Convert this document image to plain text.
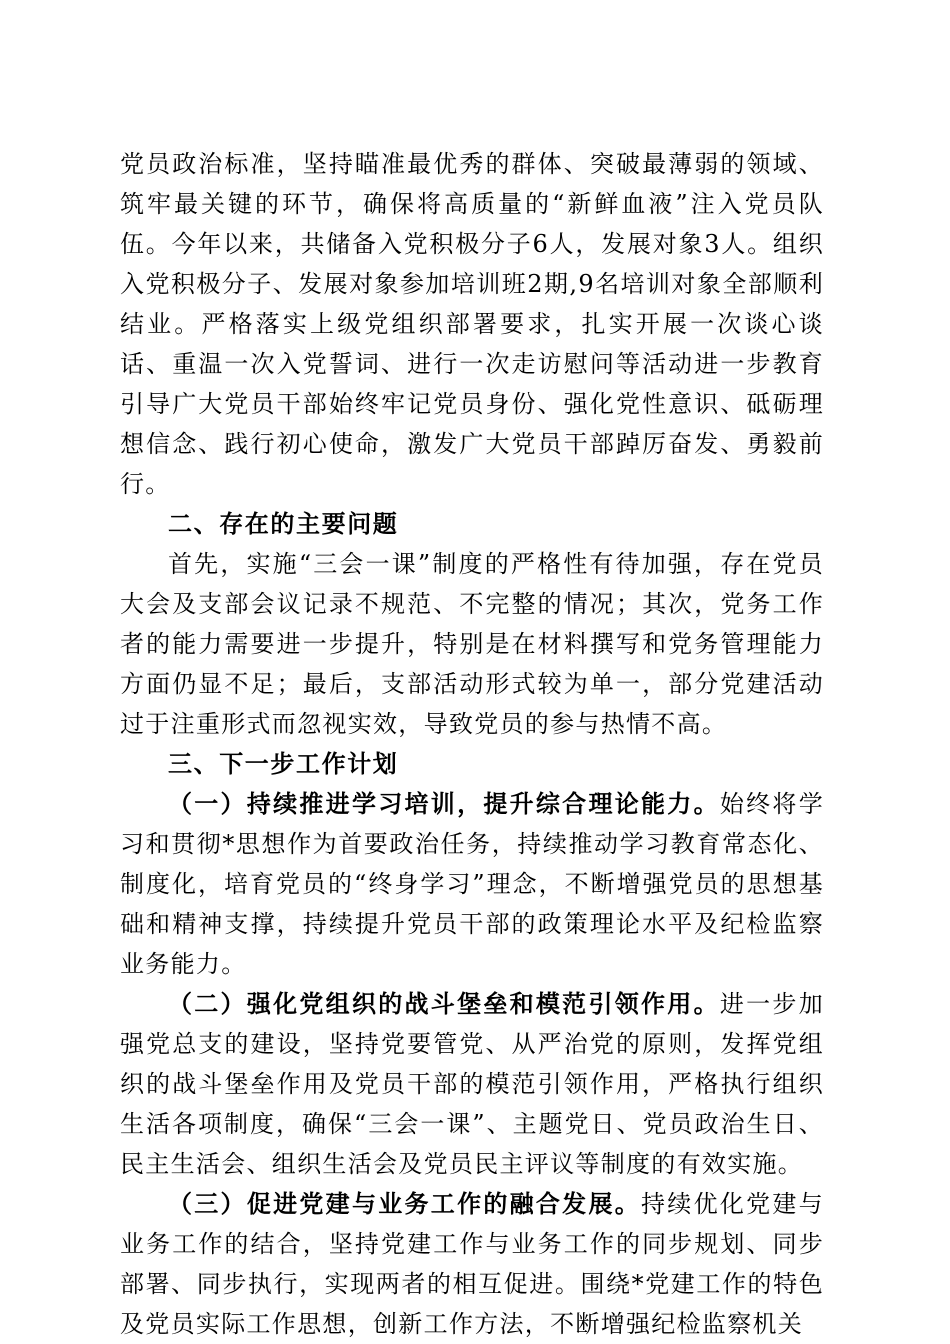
党员政治标准，坚持瞄准最优秀的群体、突破最薄弱的领域、筑牢最关键的环节，确保将高质量的“新鲜血液”注入党员队伍。今年以来，共储备入党积极分子6人，发展对象3人。组织入党积极分子、发展对象参加培训班2期,9名培训对象全部顺利结业。严格落实上级党组织部署要求，扎实开展一次谈心谈话、重温一次入党誓词、进行一次走访慰问等活动进一步教育引导广大党员干部始终牢记党员身份、强化党性意识、砥砺理想信念、践行初心使命，激发广大党员干部踔厉奋发、勇毅前行。

二、存在的主要问题

首先，实施“三会一课”制度的严格性有待加强，存在党员大会及支部会议记录不规范、不完整的情况；其次，党务工作者的能力需要进一步提升，特别是在材料撰写和党务管理能力方面仍显不足；最后，支部活动形式较为单一，部分党建活动过于注重形式而忽视实效，导致党员的参与热情不高。

三、下一步工作计划

（一）持续推进学习培训，提升综合理论能力。始终将学习和贯彻*思想作为首要政治任务，持续推动学习教育常态化、制度化，培育党员的“终身学习”理念，不断增强党员的思想基础和精神支撑，持续提升党员干部的政策理论水平及纪检监察业务能力。

（二）强化党组织的战斗堡垒和模范引领作用。进一步加强党总支的建设，坚持党要管党、从严治党的原则，发挥党组织的战斗堡垒作用及党员干部的模范引领作用，严格执行组织生活各项制度，确保“三会一课”、主题党日、党员政治生日、民主生活会、组织生活会及党员民主评议等制度的有效实施。

（三）促进党建与业务工作的融合发展。持续优化党建与业务工作的结合，坚持党建工作与业务工作的同步规划、同步部署、同步执行，实现两者的相互促进。围绕*党建工作的特色及党员实际工作思想，创新工作方法，不断增强纪检监察机关
